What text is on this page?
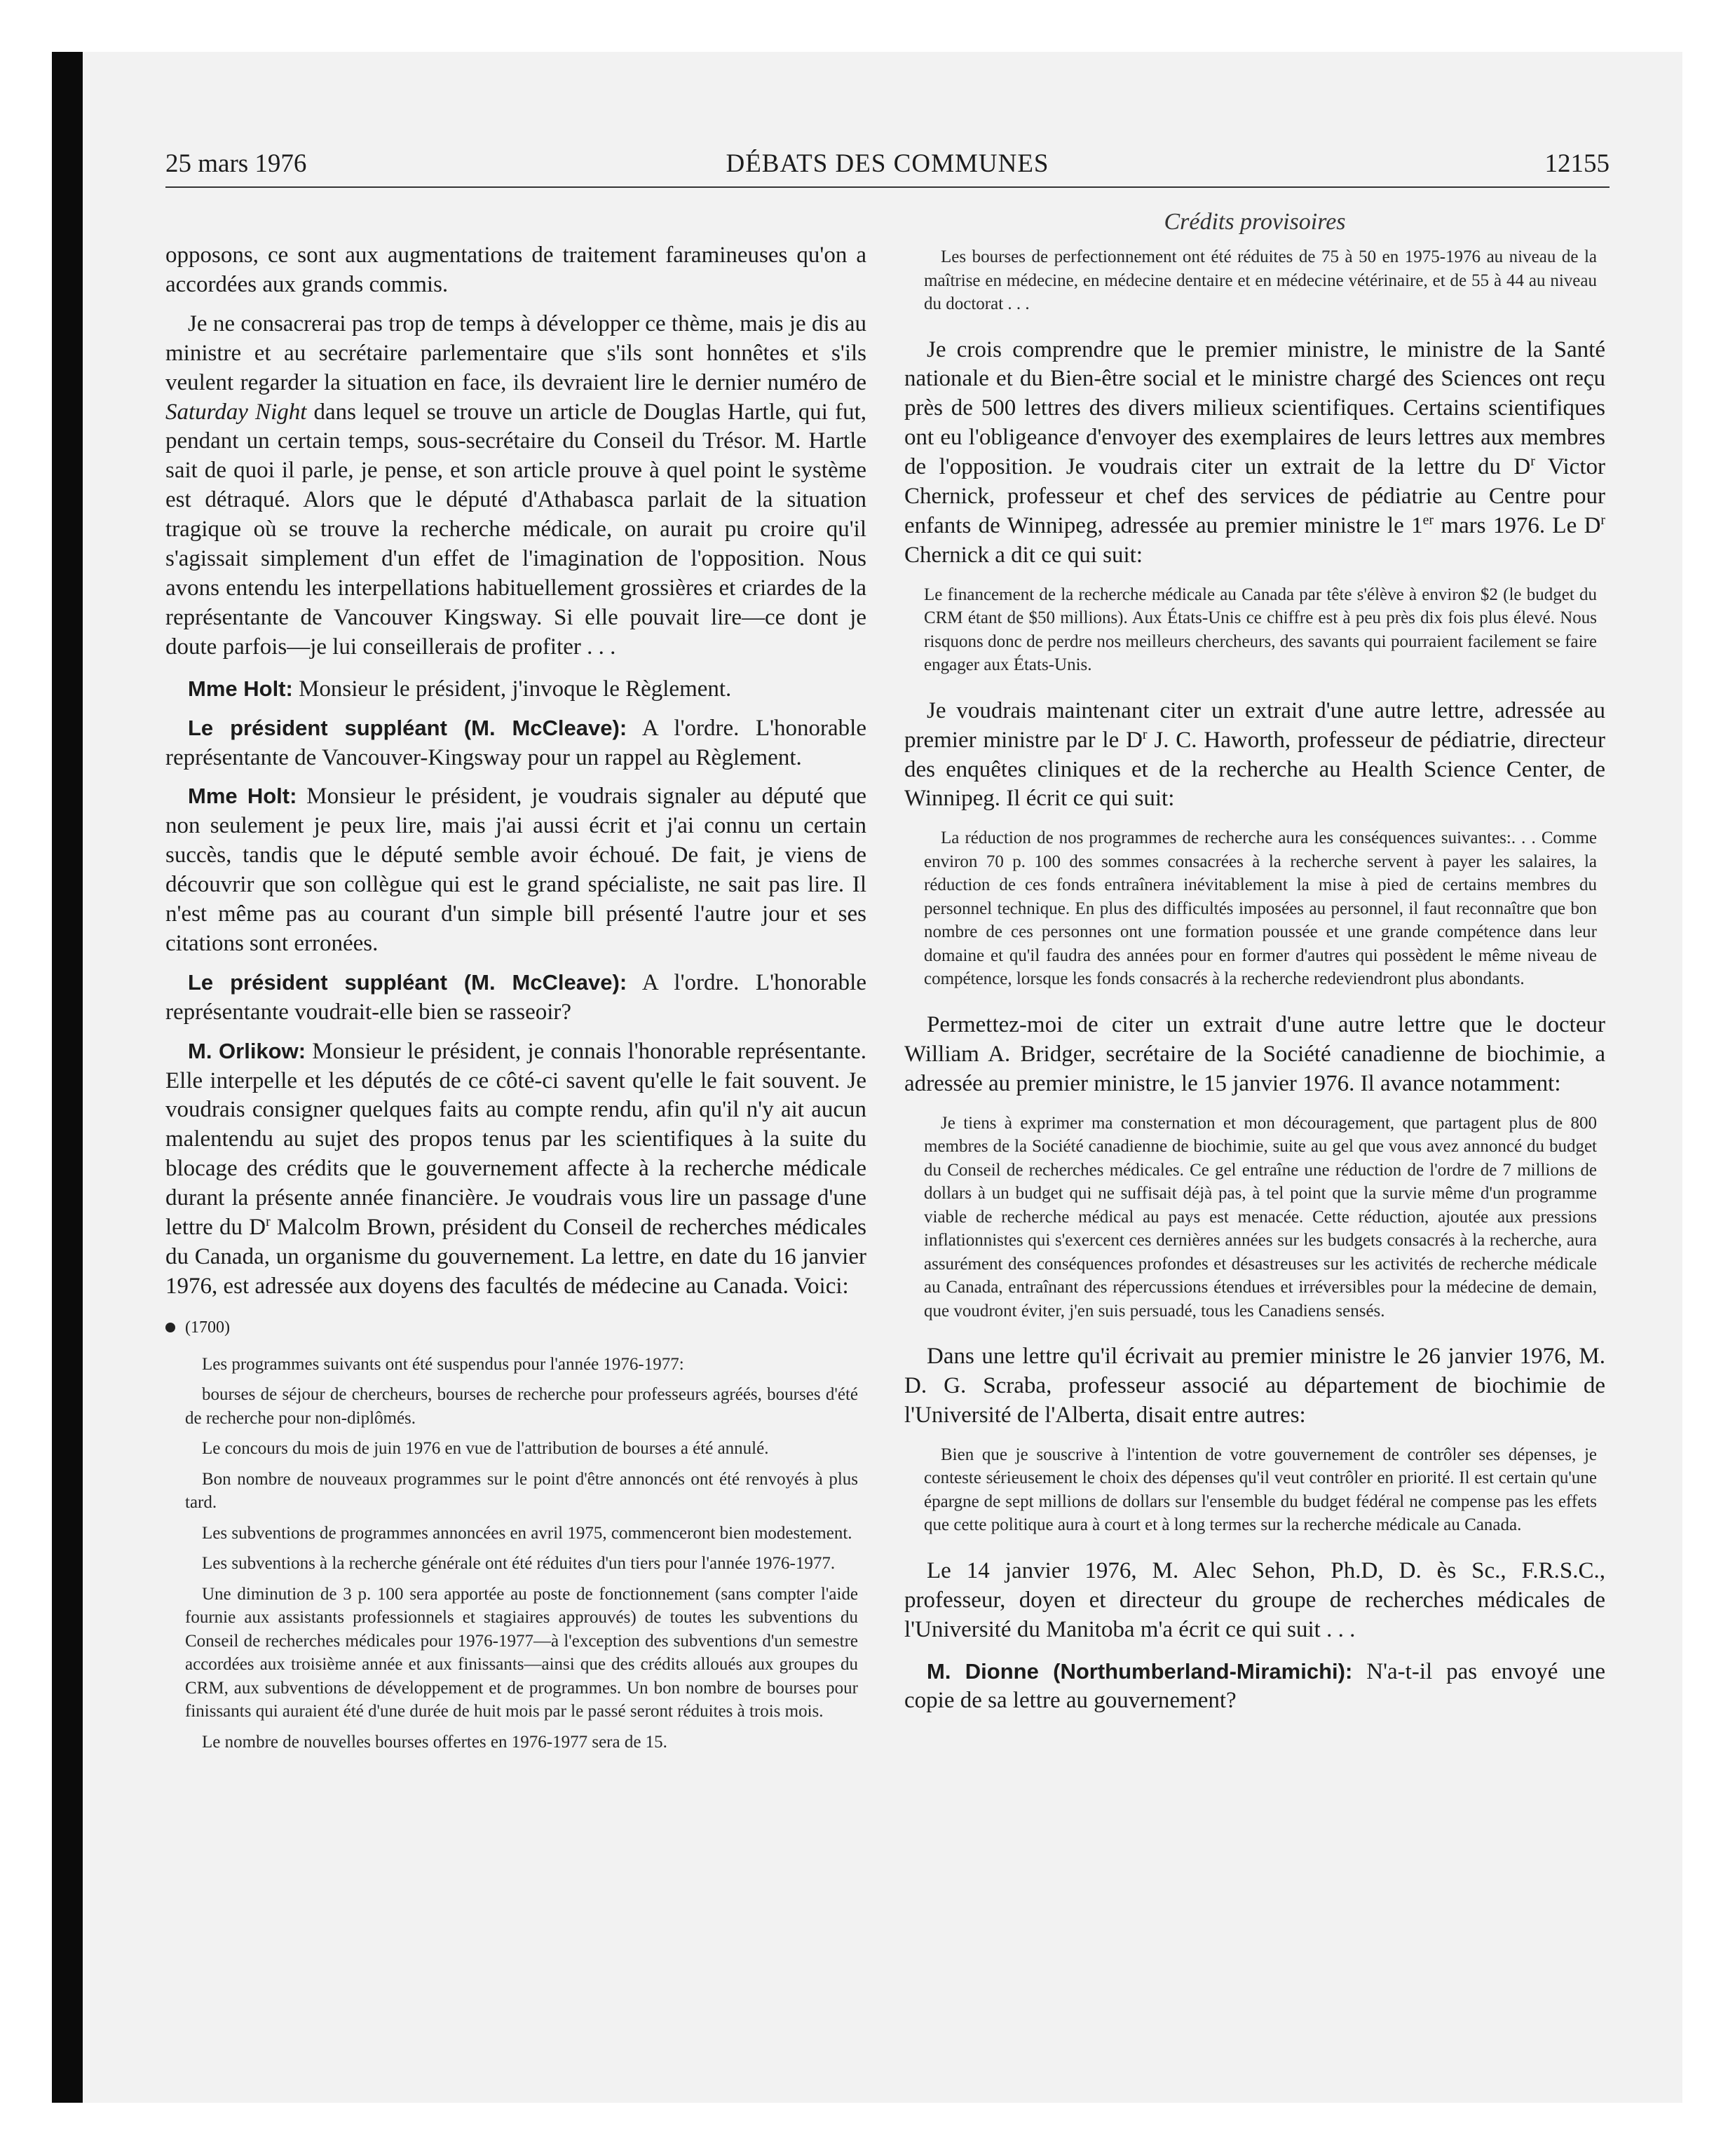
DÉBATS DES COMMUNES
25 mars 1976	12155

opposons, ce sont aux augmentations de traitement faramineuses qu'on a accordées aux grands commis.

Je ne consacrerai pas trop de temps à développer ce thème, mais je dis au ministre et au secrétaire parlementaire que s'ils sont honnêtes et s'ils veulent regarder la situation en face, ils devraient lire le dernier numéro de Saturday Night dans lequel se trouve un article de Douglas Hartle, qui fut, pendant un certain temps, sous-secrétaire du Conseil du Trésor. M. Hartle sait de quoi il parle, je pense, et son article prouve à quel point le système est détraqué. Alors que le député d'Athabasca parlait de la situation tragique où se trouve la recherche médicale, on aurait pu croire qu'il s'agissait simplement d'un effet de l'imagination de l'opposition. Nous avons entendu les interpellations habituellement grossières et criardes de la représentante de Vancouver Kingsway. Si elle pouvait lire—ce dont je doute parfois—je lui conseillerais de profiter . . .

Mme Holt: Monsieur le président, j'invoque le Règlement.

Le président suppléant (M. McCleave): A l'ordre. L'honorable représentante de Vancouver-Kingsway pour un rappel au Règlement.

Mme Holt: Monsieur le président, je voudrais signaler au député que non seulement je peux lire, mais j'ai aussi écrit et j'ai connu un certain succès, tandis que le député semble avoir échoué. De fait, je viens de découvrir que son collègue qui est le grand spécialiste, ne sait pas lire. Il n'est même pas au courant d'un simple bill présenté l'autre jour et ses citations sont erronées.

Le président suppléant (M. McCleave): A l'ordre. L'honorable représentante voudrait-elle bien se rasseoir?

M. Orlikow: Monsieur le président, je connais l'honorable représentante. Elle interpelle et les députés de ce côté-ci savent qu'elle le fait souvent. Je voudrais consigner quelques faits au compte rendu, afin qu'il n'y ait aucun malentendu au sujet des propos tenus par les scientifiques à la suite du blocage des crédits que le gouvernement affecte à la recherche médicale durant la présente année financière. Je voudrais vous lire un passage d'une lettre du $D^r$ Malcolm Brown, président du Conseil de recherches médicales du Canada, un organisme du gouvernement. La lettre, en date du 16 janvier 1976, est adressée aux doyens des facultés de médecine au Canada. Voici:

(1700)

Les programmes suivants ont été suspendus pour l'année 1976-1977:

bourses de séjour de chercheurs, bourses de recherche pour professeurs agréés, bourses d'été de recherche pour non-diplômés.

Le concours du mois de juin 1976 en vue de l'attribution de bourses a été annulé.

Bon nombre de nouveaux programmes sur le point d'être annoncés ont été renvoyés à plus tard.

Les subventions de programmes annoncées en avril 1975, commenceront bien modestement.

Les subventions à la recherche générale ont été réduites d'un tiers pour l'année 1976-1977.

Une diminution de 3 p. 100 sera apportée au poste de fonctionnement (sans compter l'aide fournie aux assistants professionnels et stagiaires approuvés) de toutes les subventions du Conseil de recherches médicales pour 1976-1977—à l'exception des subventions d'un semestre accordées aux troisième année et aux finissants—ainsi que des crédits alloués aux groupes du CRM, aux subventions de développement et de programmes. Un bon nombre de bourses pour finissants qui auraient été d'une durée de huit mois par le passé seront réduites à trois mois.

Le nombre de nouvelles bourses offertes en 1976-1977 sera de 15.

Crédits provisoires

Les bourses de perfectionnement ont été réduites de 75 à 50 en 1975-1976 au niveau de la maîtrise en médecine, en médecine dentaire et en médecine vétérinaire, et de 55 à 44 au niveau du doctorat . . .

Je crois comprendre que le premier ministre, le ministre de la Santé nationale et du Bien-être social et le ministre chargé des Sciences ont reçu près de 500 lettres des divers milieux scientifiques. Certains scientifiques ont eu l'obligeance d'envoyer des exemplaires de leurs lettres aux membres de l'opposition. Je voudrais citer un extrait de la lettre du $D^r$ Victor Chernick, professeur et chef des services de pédiatrie au Centre pour enfants de Winnipeg, adressée au premier ministre le 1er mars 1976. Le $D^r$ Chernick a dit ce qui suit:

Le financement de la recherche médicale au Canada par tête s'élève à environ $2 (le budget du CRM étant de $50 millions). Aux États-Unis ce chiffre est à peu près dix fois plus élevé. Nous risquons donc de perdre nos meilleurs chercheurs, des savants qui pourraient facilement se faire engager aux États-Unis.

Je voudrais maintenant citer un extrait d'une autre lettre, adressée au premier ministre par le $D^r$ J. C. Haworth, professeur de pédiatrie, directeur des enquêtes cliniques et de la recherche au Health Science Center, de Winnipeg. Il écrit ce qui suit:

La réduction de nos programmes de recherche aura les conséquences suivantes:. . . Comme environ 70 p. 100 des sommes consacrées à la recherche servent à payer les salaires, la réduction de ces fonds entraînera inévitablement la mise à pied de certains membres du personnel technique. En plus des difficultés imposées au personnel, il faut reconnaître que bon nombre de ces personnes ont une formation poussée et une grande compétence dans leur domaine et qu'il faudra des années pour en former d'autres qui possèdent le même niveau de compétence, lorsque les fonds consacrés à la recherche redeviendront plus abondants.

Permettez-moi de citer un extrait d'une autre lettre que le docteur William A. Bridger, secrétaire de la Société canadienne de biochimie, a adressée au premier ministre, le 15 janvier 1976. Il avance notamment:

Je tiens à exprimer ma consternation et mon découragement, que partagent plus de 800 membres de la Société canadienne de biochimie, suite au gel que vous avez annoncé du budget du Conseil de recherches médicales. Ce gel entraîne une réduction de l'ordre de 7 millions de dollars à un budget qui ne suffisait déjà pas, à tel point que la survie même d'un programme viable de recherche médical au pays est menacée. Cette réduction, ajoutée aux pressions inflationnistes qui s'exercent ces dernières années sur les budgets consacrés à la recherche, aura assurément des conséquences profondes et désastreuses sur les activités de recherche médicale au Canada, entraînant des répercussions étendues et irréversibles pour la médecine de demain, que voudront éviter, j'en suis persuadé, tous les Canadiens sensés.

Dans une lettre qu'il écrivait au premier ministre le 26 janvier 1976, M. D. G. Scraba, professeur associé au département de biochimie de l'Université de l'Alberta, disait entre autres:

Bien que je souscrive à l'intention de votre gouvernement de contrôler ses dépenses, je conteste sérieusement le choix des dépenses qu'il veut contrôler en priorité. Il est certain qu'une épargne de sept millions de dollars sur l'ensemble du budget fédéral ne compense pas les effets que cette politique aura à court et à long termes sur la recherche médicale au Canada.

Le 14 janvier 1976, M. Alec Sehon, Ph.D, D. ès Sc., F.R.S.C., professeur, doyen et directeur du groupe de recherches médicales de l'Université du Manitoba m'a écrit ce qui suit . . .

M. Dionne (Northumberland-Miramichi): N'a-t-il pas envoyé une copie de sa lettre au gouvernement?
